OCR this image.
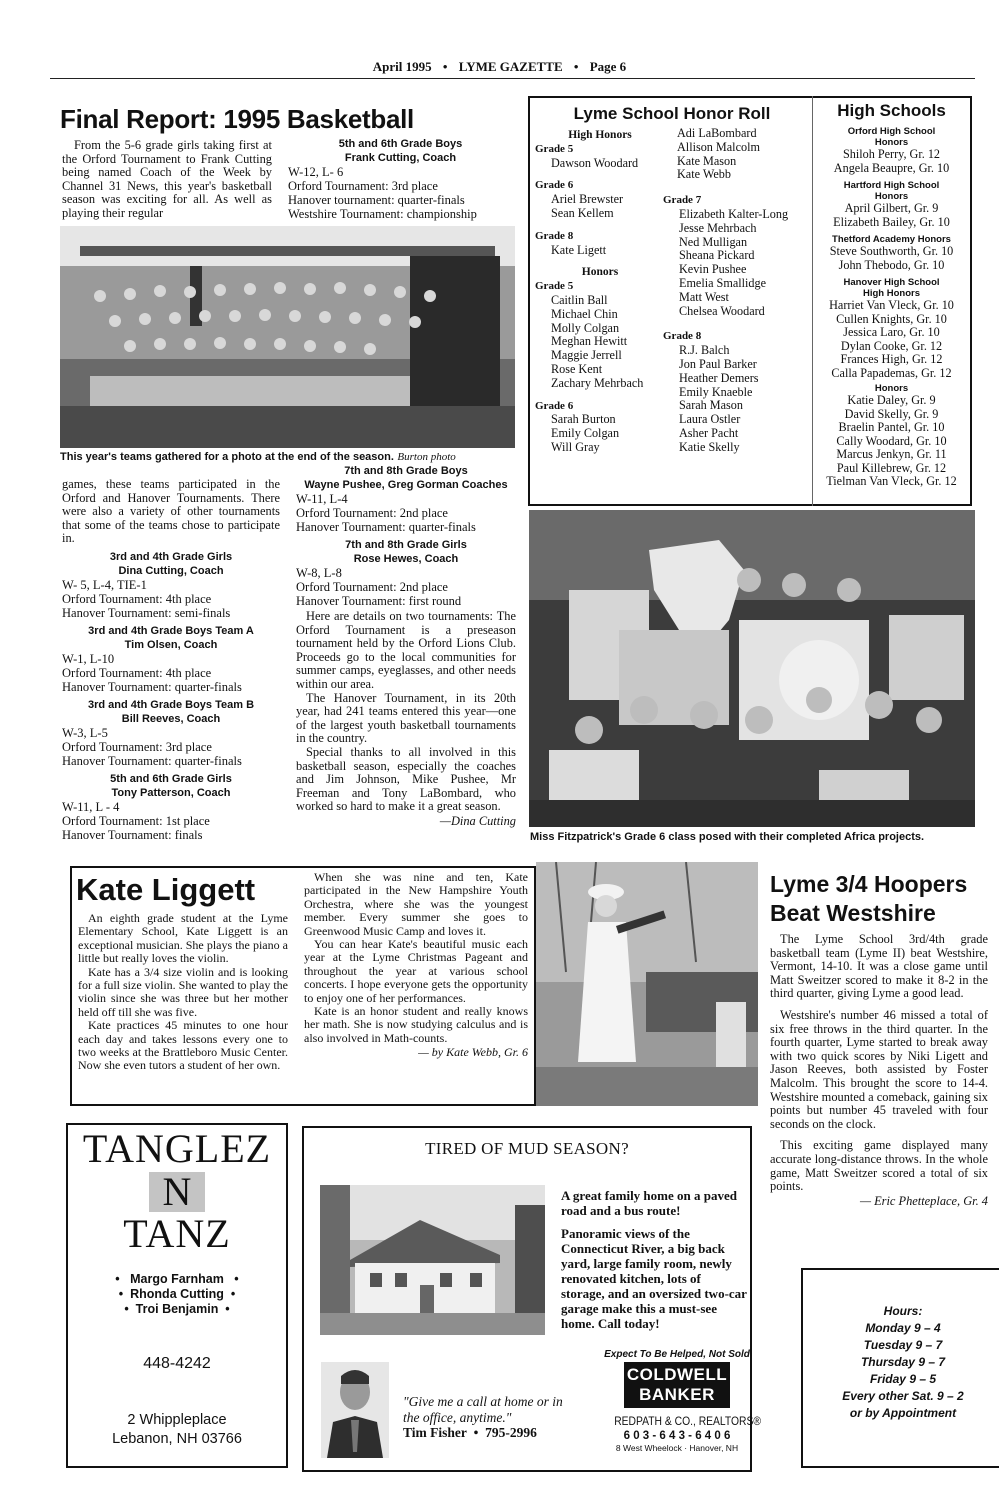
April 1995 • LYME GAZETTE • Page 6
Final Report: 1995 Basketball
From the 5-6 grade girls taking first at the Orford Tournament to Frank Cutting being named Coach of the Week by Channel 31 News, this year's basketball season was exciting for all. As well as playing their regular
5th and 6th Grade Boys
Frank Cutting, Coach
W-12, L- 6
Orford Tournament: 3rd place
Hanover tournament: quarter-finals
Westshire Tournament: championship
This year's teams gathered for a photo at the end of the season. Burton photo
games, these teams participated in the Orford and Hanover Tournaments. There were also a variety of other tournaments that some of the teams chose to participate in.
3rd and 4th Grade Girls
Dina Cutting, Coach
W- 5, L-4, TIE-1
Orford Tournament: 4th place
Hanover Tournament: semi-finals
3rd and 4th Grade Boys Team A
Tim Olsen, Coach
W-1, L-10
Orford Tournament: 4th place
Hanover Tournament: quarter-finals
3rd and 4th Grade Boys Team B
Bill Reeves, Coach
W-3, L-5
Orford Tournament: 3rd place
Hanover Tournament: quarter-finals
5th and 6th Grade Girls
Tony Patterson, Coach
W-11, L - 4
Orford Tournament: 1st place
Hanover Tournament: finals
7th and 8th Grade Boys
Wayne Pushee, Greg Gorman Coaches
W-11, L-4
Orford Tournament: 2nd place
Hanover Tournament: quarter-finals
7th and 8th Grade Girls
Rose Hewes, Coach
W-8, L-8
Orford Tournament: 2nd place
Hanover Tournament: first round
Here are details on two tournaments: The Orford Tournament is a preseason tournament held by the Orford Lions Club. Proceeds go to the local communities for summer camps, eyeglasses, and other needs within our area.
The Hanover Tournament, in its 20th year, had 241 teams entered this year—one of the largest youth basketball tournaments in the country.
Special thanks to all involved in this basketball season, especially the coaches and Jim Johnson, Mike Pushee, Mr Freeman and Tony LaBombard, who worked so hard to make it a great season.
—Dina Cutting
Lyme School Honor Roll
High Honors
Grade 5
Dawson Woodard
Grade 6
Ariel Brewster
Sean Kellem
Grade 8
Kate Ligett
Honors
Grade 5
Caitlin Ball
Michael Chin
Molly Colgan
Meghan Hewitt
Maggie Jerrell
Rose Kent
Zachary Mehrbach
Grade 6
Sarah Burton
Emily Colgan
Will Gray
Adi LaBombard
Allison Malcolm
Kate Mason
Kate Webb
Grade 7
Elizabeth Kalter-Long
Jesse Mehrbach
Ned Mulligan
Sheana Pickard
Kevin Pushee
Emelia Smallidge
Matt West
Chelsea Woodard
Grade 8
R.J. Balch
Jon Paul Barker
Heather Demers
Emily Knaeble
Sarah Mason
Laura Ostler
Asher Pacht
Katie Skelly
High Schools
Orford High School
Honors
Shiloh Perry, Gr. 12
Angela Beaupre, Gr. 10
Hartford High School
Honors
April Gilbert, Gr. 9
Elizabeth Bailey, Gr. 10
Thetford Academy Honors
Steve Southworth, Gr. 10
John Thebodo, Gr. 10
Hanover High School
High Honors
Harriet Van Vleck, Gr. 10
Cullen Knights, Gr. 10
Jessica Laro, Gr. 10
Dylan Cooke, Gr. 12
Frances High, Gr. 12
Calla Papademas, Gr. 12
Honors
Katie Daley, Gr. 9
David Skelly, Gr. 9
Braelin Pantel, Gr. 10
Cally Woodard, Gr. 10
Marcus Jenkyn, Gr. 11
Paul Killebrew, Gr. 12
Tielman Van Vleck, Gr. 12
Miss Fitzpatrick's Grade 6 class posed with their completed Africa projects.
Kate Liggett
An eighth grade student at the Lyme Elementary School, Kate Liggett is an exceptional musician. She plays the piano a little but really loves the violin.
Kate has a 3/4 size violin and is looking for a full size violin. She wanted to play the violin since she was three but her mother held off till she was five.
Kate practices 45 minutes to one hour each day and takes lessons every one to two weeks at the Brattleboro Music Center. Now she even tutors a student of her own.
When she was nine and ten, Kate participated in the New Hampshire Youth Orchestra, where she was the youngest member. Every summer she goes to Greenwood Music Camp and loves it.
You can hear Kate's beautiful music each year at the Lyme Christmas Pageant and throughout the year at various school concerts. I hope everyone gets the opportunity to enjoy one of her performances.
Kate is an honor student and really knows her math. She is now studying calculus and is also involved in Math-counts.
— by Kate Webb, Gr. 6
Lyme 3/4 Hoopers Beat Westshire
The Lyme School 3rd/4th grade basketball team (Lyme II) beat Westshire, Vermont, 14-10. It was a close game until Matt Sweitzer scored to make it 8-2 in the third quarter, giving Lyme a good lead.
Westshire's number 46 missed a total of six free throws in the third quarter. In the fourth quarter, Lyme started to break away with two quick scores by Niki Ligett and Jason Reeves, both assisted by Foster Malcolm. This brought the score to 14-4. Westshire mounted a comeback, gaining six points but number 45 traveled with four seconds on the clock.
This exciting game displayed many accurate long-distance throws. In the whole game, Matt Sweitzer scored a total of six points.
— Eric Phetteplace, Gr. 4
TANGLEZ
N
TANZ
• Margo Farnham •
• Rhonda Cutting •
• Troi Benjamin •
448-4242
2 Whippleplace
Lebanon, NH 03766
TIRED OF MUD SEASON?
A great family home on a paved road and a bus route!
Panoramic views of the Connecticut River, a big back yard, large family room, newly renovated kitchen, lots of storage, and an oversized two-car garage make this a must-see home. Call today!
"Give me a call at home or in the office, anytime."
Tim Fisher  •  795-2996
Expect To Be Helped, Not Sold
COLDWELL
BANKER
REDPATH & CO., REALTORS®
6 0 3 - 6 4 3 - 6 4 0 6
8 West Wheelock · Hanover, NH
Hours:
Monday 9 – 4
Tuesday 9 – 7
Thursday 9 – 7
Friday 9 – 5
Every other Sat. 9 – 2
or by Appointment
